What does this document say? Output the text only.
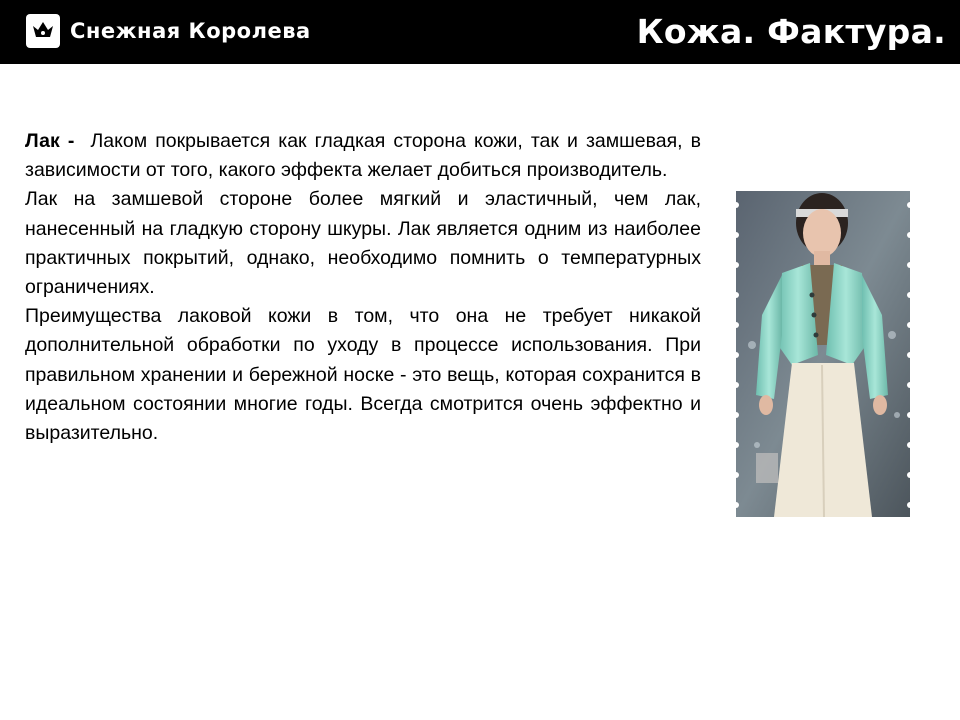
Снежная Королева	Кожа. Фактура.

Лак - Лаком покрывается как гладкая сторона кожи, так и замшевая, в зависимости от того, какого эффекта желает добиться производитель.

Лак на замшевой стороне более мягкий и эластичный, чем лак, нанесенный на гладкую сторону шкуры. Лак является одним из наиболее практичных покрытий, однако, необходимо помнить о температурных ограничениях.

Преимущества лаковой кожи в том, что она не требует никакой дополнительной обработки по уходу в процессе использования. При правильном хранении и бережной носке - это вещь, которая сохранится в идеальном состоянии многие годы. Всегда смотрится очень эффектно и выразительно.
